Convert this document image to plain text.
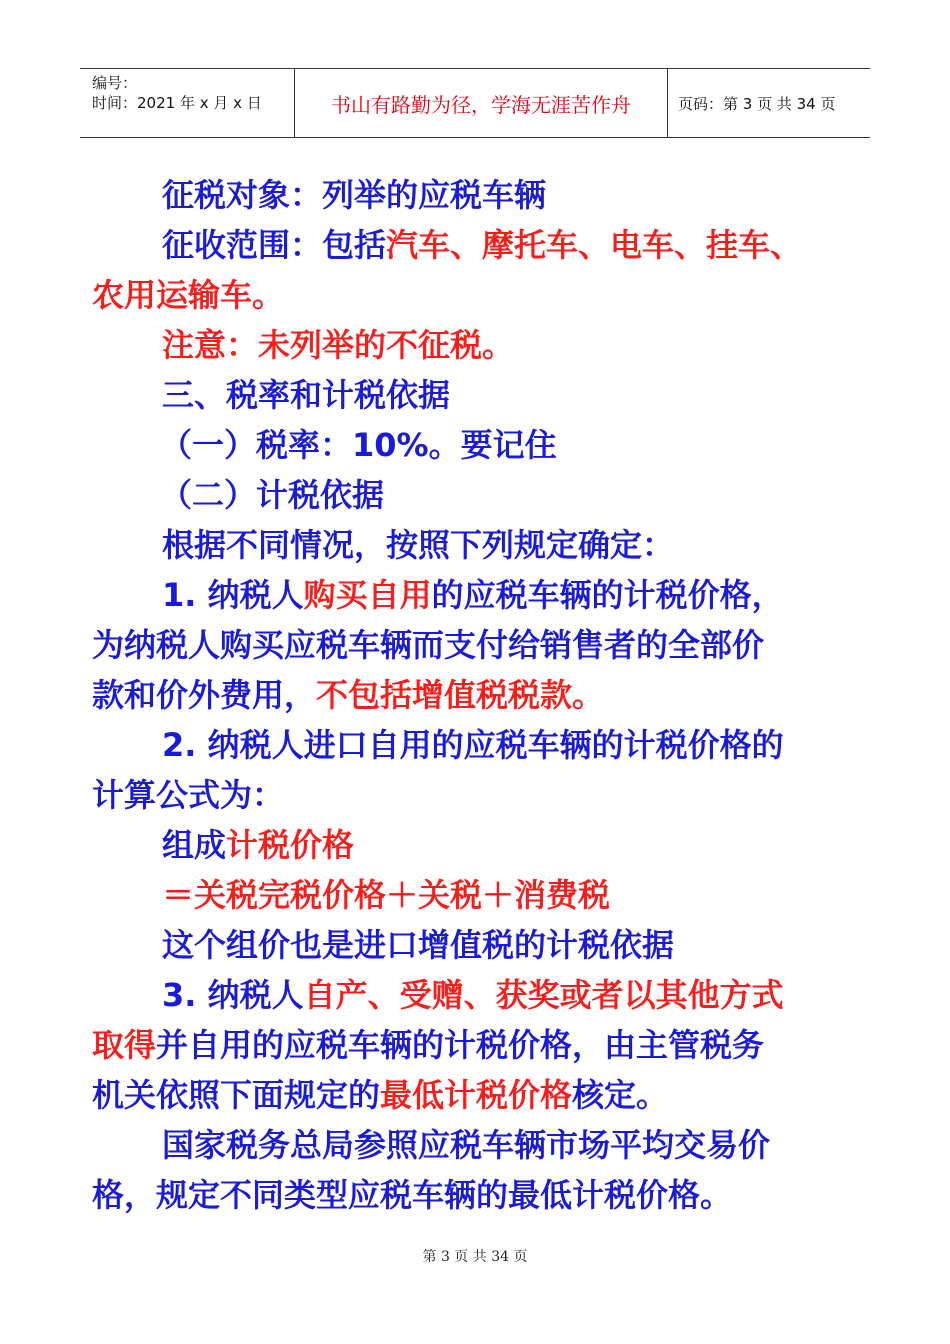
编号：
时间：2021 年 x 月 x 日	书山有路勤为径，学海无涯苦作舟	页码：第 3 页 共 34 页
征税对象：列举的应税车辆
征收范围：包括汽车、摩托车、电车、挂车、
农用运输车。
注意：未列举的不征税。
三、税率和计税依据
（一）税率：10%。要记住
（二）计税依据
根据不同情况，按照下列规定确定：
1. 纳税人购买自用的应税车辆的计税价格，
为纳税人购买应税车辆而支付给销售者的全部价
款和价外费用，不包括增值税税款。
2. 纳税人进口自用的应税车辆的计税价格的
计算公式为：
组成计税价格
＝关税完税价格＋关税＋消费税
这个组价也是进口增值税的计税依据
3. 纳税人自产、受赠、获奖或者以其他方式
取得并自用的应税车辆的计税价格，由主管税务
机关依照下面规定的最低计税价格核定。
国家税务总局参照应税车辆市场平均交易价
格，规定不同类型应税车辆的最低计税价格。
第 3 页 共 34 页
